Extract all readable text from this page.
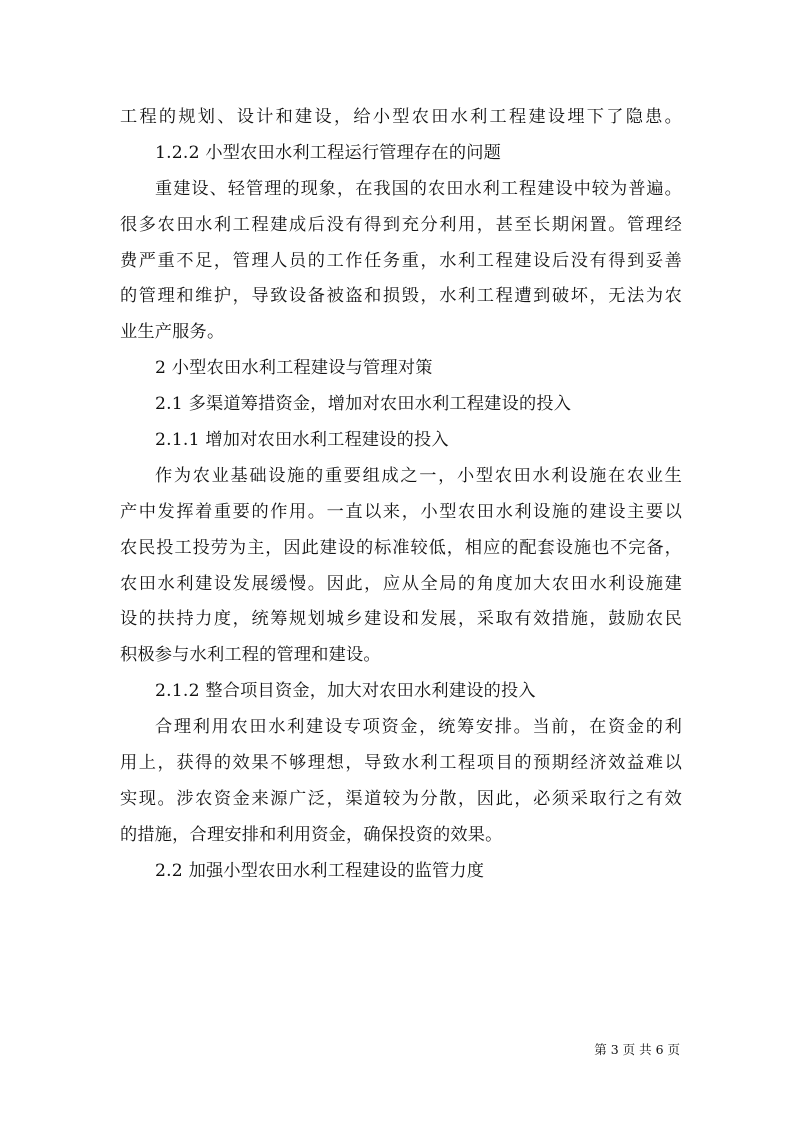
工程的规划、设计和建设，给小型农田水利工程建设埋下了隐患。
1.2.2 小型农田水利工程运行管理存在的问题
重建设、轻管理的现象，在我国的农田水利工程建设中较为普遍。
很多农田水利工程建成后没有得到充分利用，甚至长期闲置。管理经
费严重不足，管理人员的工作任务重，水利工程建设后没有得到妥善
的管理和维护，导致设备被盗和损毁，水利工程遭到破坏，无法为农
业生产服务。
2 小型农田水利工程建设与管理对策
2.1 多渠道筹措资金，增加对农田水利工程建设的投入
2.1.1 增加对农田水利工程建设的投入
作为农业基础设施的重要组成之一，小型农田水利设施在农业生
产中发挥着重要的作用。一直以来，小型农田水利设施的建设主要以
农民投工投劳为主，因此建设的标准较低，相应的配套设施也不完备，
农田水利建设发展缓慢。因此，应从全局的角度加大农田水利设施建
设的扶持力度，统筹规划城乡建设和发展，采取有效措施，鼓励农民
积极参与水利工程的管理和建设。
2.1.2 整合项目资金，加大对农田水利建设的投入
合理利用农田水利建设专项资金，统筹安排。当前，在资金的利
用上，获得的效果不够理想，导致水利工程项目的预期经济效益难以
实现。涉农资金来源广泛，渠道较为分散，因此，必须采取行之有效
的措施，合理安排和利用资金，确保投资的效果。
2.2 加强小型农田水利工程建设的监管力度
第 3 页 共 6 页
